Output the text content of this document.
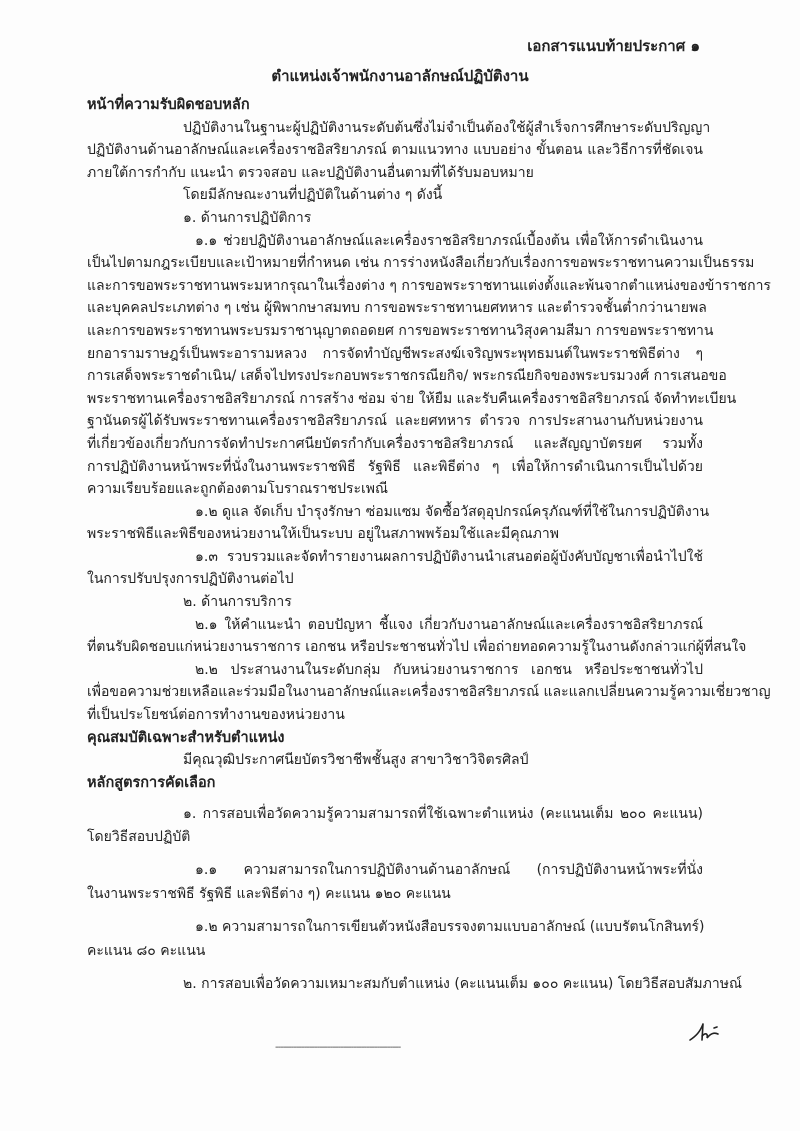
เอกสารแนบท้ายประกาศ ๑
ตำแหน่งเจ้าพนักงานอาลักษณ์ปฏิบัติงาน
หน้าที่ความรับผิดชอบหลัก
ปฏิบัติงานในฐานะผู้ปฏิบัติงานระดับต้นซึ่งไม่จำเป็นต้องใช้ผู้สำเร็จการศึกษาระดับปริญญา
ปฏิบัติงานด้านอาลักษณ์และเครื่องราชอิสริยาภรณ์ ตามแนวทาง แบบอย่าง ขั้นตอน และวิธีการที่ชัดเจน
ภายใต้การกำกับ แนะนำ ตรวจสอบ และปฏิบัติงานอื่นตามที่ได้รับมอบหมาย
โดยมีลักษณะงานที่ปฏิบัติในด้านต่าง ๆ ดังนี้
๑. ด้านการปฏิบัติการ
๑.๑ ช่วยปฏิบัติงานอาลักษณ์และเครื่องราชอิสริยาภรณ์เบื้องต้น เพื่อให้การดำเนินงาน
เป็นไปตามกฎระเบียบและเป้าหมายที่กำหนด เช่น การร่างหนังสือเกี่ยวกับเรื่องการขอพระราชทานความเป็นธรรม
และการขอพระราชทานพระมหากรุณาในเรื่องต่าง ๆ การขอพระราชทานแต่งตั้งและพ้นจากตำแหน่งของข้าราชการ
และบุคคลประเภทต่าง ๆ เช่น ผู้พิพากษาสมทบ การขอพระราชทานยศทหาร และตำรวจชั้นต่ำกว่านายพล
และการขอพระราชทานพระบรมราชานุญาตถอดยศ การขอพระราชทานวิสุงคามสีมา การขอพระราชทาน
ยกอารามราษฎร์เป็นพระอารามหลวง การจัดทำบัญชีพระสงฆ์เจริญพระพุทธมนต์ในพระราชพิธีต่าง ๆ
การเสด็จพระราชดำเนิน/ เสด็จไปทรงประกอบพระราชกรณียกิจ/ พระกรณียกิจของพระบรมวงศ์ การเสนอขอ
พระราชทานเครื่องราชอิสริยาภรณ์ การสร้าง ซ่อม จ่าย ให้ยืม และรับคืนเครื่องราชอิสริยาภรณ์ จัดทำทะเบียน
ฐานันดรผู้ได้รับพระราชทานเครื่องราชอิสริยาภรณ์ และยศทหาร ตำรวจ การประสานงานกับหน่วยงาน
ที่เกี่ยวข้องเกี่ยวกับการจัดทำประกาศนียบัตรกำกับเครื่องราชอิสริยาภรณ์ และสัญญาบัตรยศ รวมทั้ง
การปฏิบัติงานหน้าพระที่นั่งในงานพระราชพิธี รัฐพิธี และพิธีต่าง ๆ เพื่อให้การดำเนินการเป็นไปด้วย
ความเรียบร้อยและถูกต้องตามโบราณราชประเพณี
๑.๒ ดูแล จัดเก็บ บำรุงรักษา ซ่อมแซม จัดซื้อวัสดุอุปกรณ์ครุภัณฑ์ที่ใช้ในการปฏิบัติงาน
พระราชพิธีและพิธีของหน่วยงานให้เป็นระบบ อยู่ในสภาพพร้อมใช้และมีคุณภาพ
๑.๓ รวบรวมและจัดทำรายงานผลการปฏิบัติงานนำเสนอต่อผู้บังคับบัญชาเพื่อนำไปใช้
ในการปรับปรุงการปฏิบัติงานต่อไป
๒. ด้านการบริการ
๒.๑ ให้คำแนะนำ ตอบปัญหา ชี้แจง เกี่ยวกับงานอาลักษณ์และเครื่องราชอิสริยาภรณ์
ที่ตนรับผิดชอบแก่หน่วยงานราชการ เอกชน หรือประชาชนทั่วไป เพื่อถ่ายทอดความรู้ในงานดังกล่าวแก่ผู้ที่สนใจ
๒.๒ ประสานงานในระดับกลุ่ม กับหน่วยงานราชการ เอกชน หรือประชาชนทั่วไป
เพื่อขอความช่วยเหลือและร่วมมือในงานอาลักษณ์และเครื่องราชอิสริยาภรณ์ และแลกเปลี่ยนความรู้ความเชี่ยวชาญ
ที่เป็นประโยชน์ต่อการทำงานของหน่วยงาน
คุณสมบัติเฉพาะสำหรับตำแหน่ง
มีคุณวุฒิประกาศนียบัตรวิชาชีพชั้นสูง สาขาวิชาวิจิตรศิลป์
หลักสูตรการคัดเลือก
๑. การสอบเพื่อวัดความรู้ความสามารถที่ใช้เฉพาะตำแหน่ง (คะแนนเต็ม ๒๐๐ คะแนน)
โดยวิธีสอบปฏิบัติ
๑.๑ ความสามารถในการปฏิบัติงานด้านอาลักษณ์ (การปฏิบัติงานหน้าพระที่นั่ง
ในงานพระราชพิธี รัฐพิธี และพิธีต่าง ๆ) คะแนน ๑๒๐ คะแนน
๑.๒ ความสามารถในการเขียนตัวหนังสือบรรจงตามแบบอาลักษณ์ (แบบรัตนโกสินทร์)
คะแนน ๘๐ คะแนน
๒. การสอบเพื่อวัดความเหมาะสมกับตำแหน่ง (คะแนนเต็ม ๑๐๐ คะแนน) โดยวิธีสอบสัมภาษณ์
------------------------------------------------
